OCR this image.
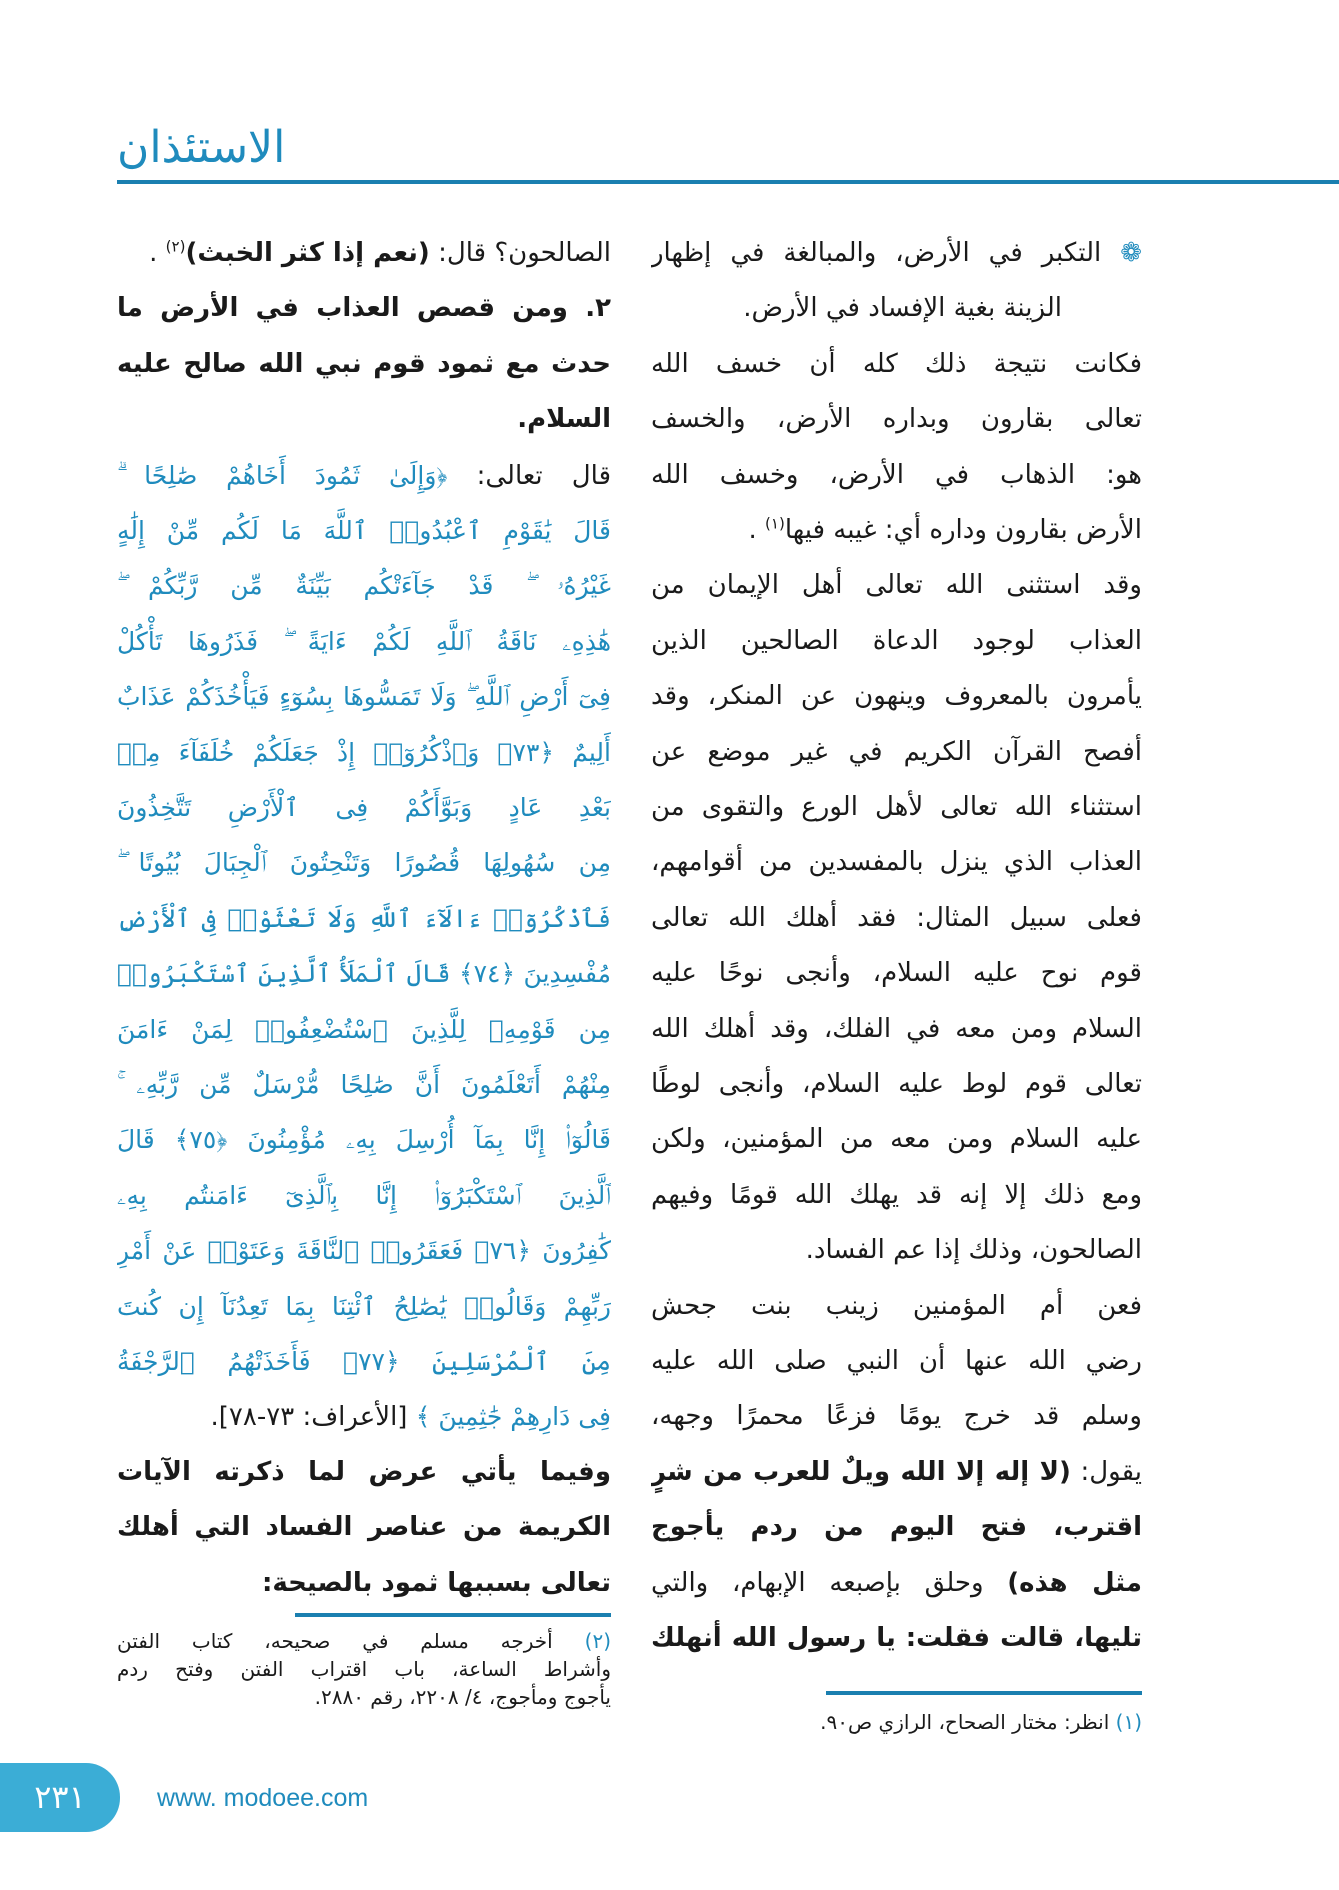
الاستئذان
❁ التكبر في الأرض، والمبالغة في إظهار
الزينة بغية الإفساد في الأرض.
فكانت نتيجة ذلك كله أن خسف الله
تعالى بقارون وبداره الأرض، والخسف
هو: الذهاب في الأرض، وخسف الله
الأرض بقارون وداره أي: غيبه فيها$^{(١)}$ .
وقد استثنى الله تعالى أهل الإيمان من
العذاب لوجود الدعاة الصالحين الذين
يأمرون بالمعروف وينهون عن المنكر، وقد
أفصح القرآن الكريم في غير موضع عن
استثناء الله تعالى لأهل الورع والتقوى من
العذاب الذي ينزل بالمفسدين من أقوامهم،
فعلى سبيل المثال: فقد أهلك الله تعالى
قوم نوح عليه السلام، وأنجى نوحًا عليه
السلام ومن معه في الفلك، وقد أهلك الله
تعالى قوم لوط عليه السلام، وأنجى لوطًا
عليه السلام ومن معه من المؤمنين، ولكن
ومع ذلك إلا إنه قد يهلك الله قومًا وفيهم
الصالحون، وذلك إذا عم الفساد.
فعن أم المؤمنين زينب بنت جحش
رضي الله عنها أن النبي صلى الله عليه
وسلم قد خرج يومًا فزعًا محمرًا وجهه،
يقول: (لا إله إلا الله ويلٌ للعرب من شرٍ
اقترب، فتح اليوم من ردم يأجوج
مثل هذه) وحلق بإصبعه الإبهام، والتي
تليها، قالت فقلت: يا رسول الله أنهلك
(١) انظر: مختار الصحاح، الرازي ص٩٠.
الصالحون؟ قال: (نعم إذا كثر الخبث)$^{(٢)}$ .
٢. ومن قصص العذاب في الأرض ما
حدث مع ثمود قوم نبي الله صالح عليه
السلام.
قال تعالى: ﴿وَإِلَىٰ ثَمُودَ أَخَاهُمْ صَٰلِحًا ۗ
قَالَ يَٰقَوْمِ ٱعْبُدُوا۟ ٱللَّهَ مَا لَكُم مِّنْ إِلَٰهٍ
غَيْرُهُۥ ۖ قَدْ جَآءَتْكُم بَيِّنَةٌ مِّن رَّبِّكُمْ ۖ
هَٰذِهِۦ نَاقَةُ ٱللَّهِ لَكُمْ ءَايَةً ۖ فَذَرُوهَا تَأْكُلْ
فِىٓ أَرْضِ ٱللَّهِ ۖ وَلَا تَمَسُّوهَا بِسُوٓءٍ فَيَأْخُذَكُمْ عَذَابٌ
أَلِيمٌ ﴿٧٣﴾ وَٱذْكُرُوٓا۟ إِذْ جَعَلَكُمْ خُلَفَآءَ مِنۢ
بَعْدِ عَادٍ وَبَوَّأَكُمْ فِى ٱلْأَرْضِ تَتَّخِذُونَ
مِن سُهُولِهَا قُصُورًا وَتَنْحِتُونَ ٱلْجِبَالَ بُيُوتًا ۖ
فَٱذْكُرُوٓا۟ ءَالَآءَ ٱللَّهِ وَلَا تَعْثَوْا۟ فِى ٱلْأَرْضِ
مُفْسِدِينَ ﴿٧٤﴾ قَالَ ٱلْمَلَأُ ٱلَّذِينَ ٱسْتَكْبَرُوا۟
مِن قَوْمِهِۦ لِلَّذِينَ ٱسْتُضْعِفُوا۟ لِمَنْ ءَامَنَ
مِنْهُمْ أَتَعْلَمُونَ أَنَّ صَٰلِحًا مُّرْسَلٌ مِّن رَّبِّهِۦ ۚ
قَالُوٓا۟ إِنَّا بِمَآ أُرْسِلَ بِهِۦ مُؤْمِنُونَ ﴿٧٥﴾ قَالَ
ٱلَّذِينَ ٱسْتَكْبَرُوٓا۟ إِنَّا بِٱلَّذِىٓ ءَامَنتُم بِهِۦ
كَٰفِرُونَ ﴿٧٦﴾ فَعَقَرُوا۟ ٱلنَّاقَةَ وَعَتَوْا۟ عَنْ أَمْرِ
رَبِّهِمْ وَقَالُوا۟ يَٰصَٰلِحُ ٱئْتِنَا بِمَا تَعِدُنَآ إِن كُنتَ
مِنَ ٱلْمُرْسَلِينَ ﴿٧٧﴾ فَأَخَذَتْهُمُ ٱلرَّجْفَةُ
فِى دَارِهِمْ جَٰثِمِينَ ﴾ [الأعراف: ٧٣-٧٨].
وفيما يأتي عرض لما ذكرته الآيات
الكريمة من عناصر الفساد التي أهلك
تعالى بسببها ثمود بالصيحة:
(٢) أخرجه مسلم في صحيحه، كتاب الفتن
وأشراط الساعة، باب اقتراب الفتن وفتح ردم
يأجوج ومأجوج، ٤/ ٢٢٠٨، رقم ٢٨٨٠.
٢٣١	www. modoee.com
